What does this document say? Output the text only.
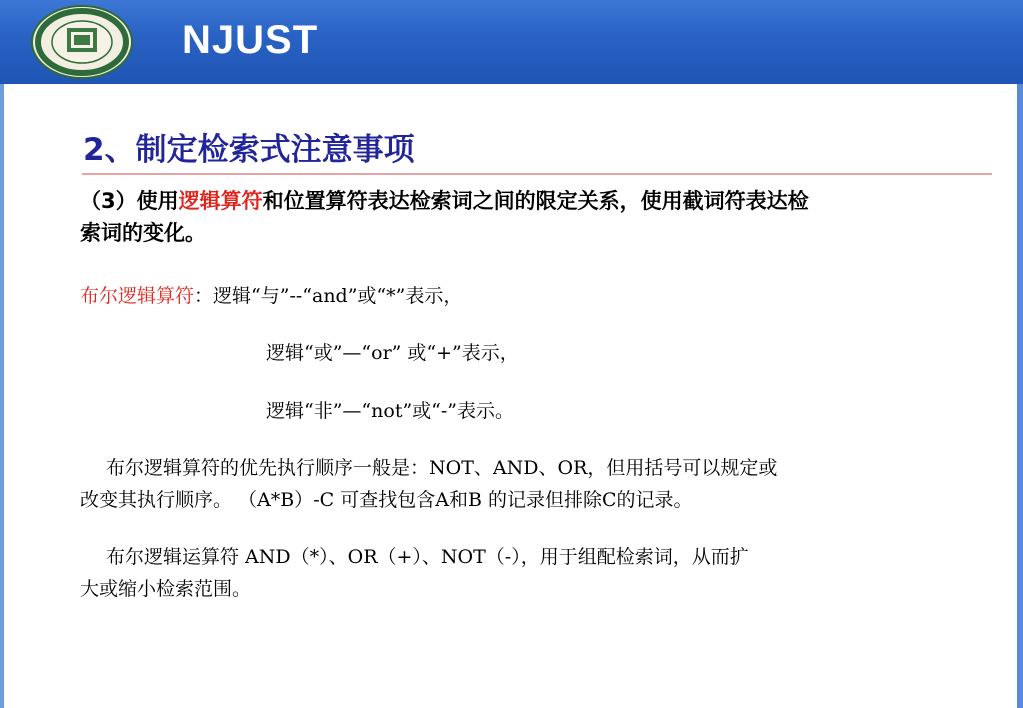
NJUST
2、制定检索式注意事项
（3）使用逻辑算符和位置算符表达检索词之间的限定关系，使用截词符表达检
索词的变化。
布尔逻辑算符：逻辑“与”--“and”或“*”表示，
逻辑“或”—“or” 或“+”表示，
逻辑“非”—“not”或“-”表示。
布尔逻辑算符的优先执行顺序一般是：NOT、AND、OR，但用括号可以规定或
改变其执行顺序。 （A*B）-C 可查找包含A和B 的记录但排除C的记录。
布尔逻辑运算符 AND（*）、OR（+）、NOT（-），用于组配检索词，从而扩
大或缩小检索范围。
